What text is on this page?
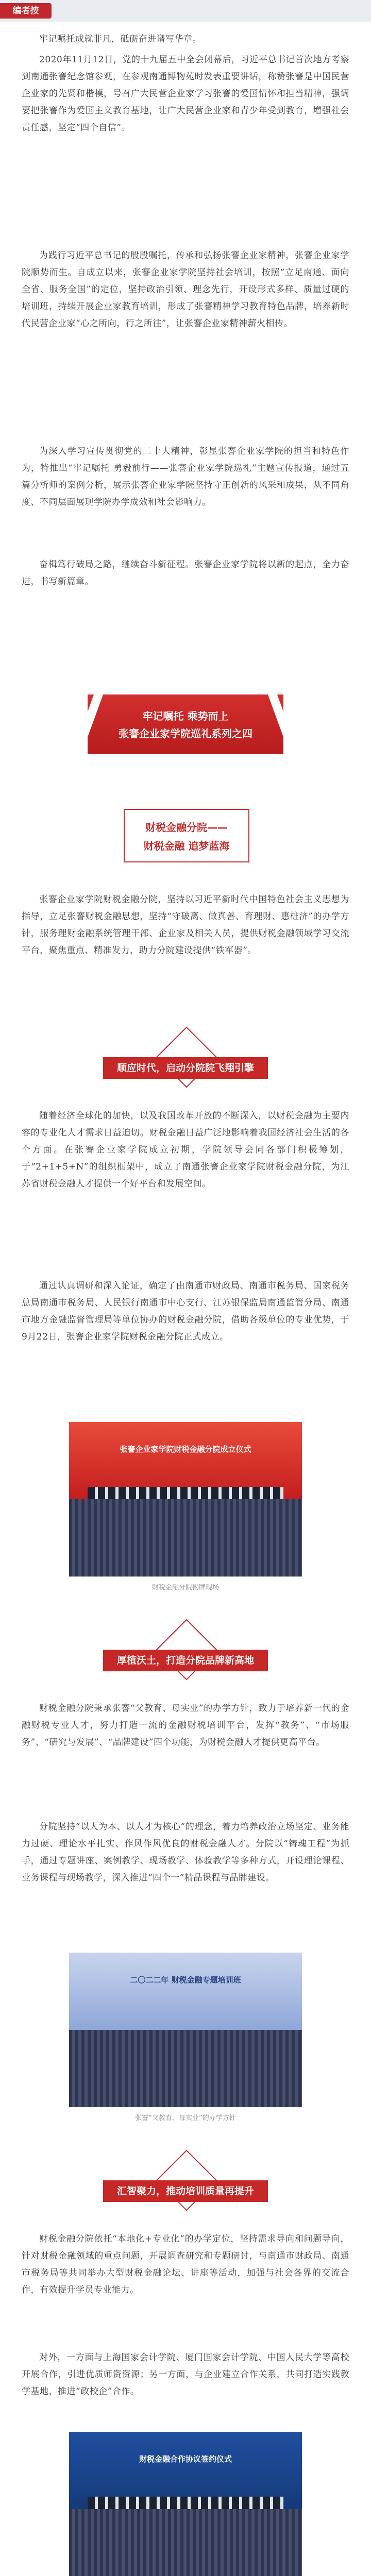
编者按

牢记嘱托成就非凡，砥砺奋进谱写华章。

2020年11月12日，党的十九届五中全会闭幕后，习近平总书记首次地方考察到南通张謇纪念馆参观，在参观南通博物苑时发表重要讲话，称赞张謇是中国民营企业家的先贤和楷模，号召广大民营企业家学习张謇的爱国情怀和担当精神，强调要把张謇作为爱国主义教育基地，让广大民营企业家和青少年受到教育，增强社会责任感，坚定“四个自信”。

为践行习近平总书记的殷殷嘱托，传承和弘扬张謇企业家精神，张謇企业家学院顺势而生。自成立以来，张謇企业家学院坚持社会培训，按照“立足南通、面向全省、服务全国”的定位，坚持政治引领、理念先行，开设形式多样、质量过硬的培训班，持续开展企业家教育培训，形成了张謇精神学习教育特色品牌，培养新时代民营企业家“心之所向，行之所往”，让张謇企业家精神薪火相传。

为深入学习宣传贯彻党的二十大精神，彰显张謇企业家学院的担当和特色作为，特推出“牢记嘱托 勇毅前行——张謇企业家学院巡礼”主题宣传报道，通过五篇分析师的案例分析，展示张謇企业家学院坚持守正创新的风采和成果，从不同角度、不同层面展现学院办学成效和社会影响力。

奋楫笃行破局之路，继续奋斗新征程。张謇企业家学院将以新的起点，全力奋进，书写新篇章。

牢记嘱托 乘势而上
张謇企业家学院巡礼系列之四
财税金融分院——
财税金融 追梦蓝海

张謇企业家学院财税金融分院，坚持以习近平新时代中国特色社会主义思想为指导，立足张謇财税金融思想，坚持“守破离、做真善、育理财、惠桩济”的办学方针，服务理财金融系统管理干部、企业家及相关人员，提供财税金融领域学习交流平台，聚焦重点、精准发力，助力分院建设提供“铁军器”。

顺应时代，启动分院院飞翔引擎

随着经济全球化的加快，以及我国改革开放的不断深入，以财税金融为主要内容的专业化人才需求日益迫切。财税金融日益广泛地影响着我国经济社会生活的各个方面。在张謇企业家学院成立初期，学院领导会同各部门积极筹划，于“2+1+5+N”的组织框架中，成立了南通张謇企业家学院财税金融分院，为江苏省财税金融人才提供一个好平台和发展空间。

通过认真调研和深入论证，确定了由南通市财政局、南通市税务局、国家税务总局南通市税务局、人民银行南通市中心支行、江苏银保监局南通监管分局、南通市地方金融监督管理局等单位协办的财税金融分院，借助各级单位的专业优势，于9月22日，张謇企业家学院财税金融分院正式成立。

张謇企业家学院财税金融分院成立仪式
财税金融分院揭牌现场
厚植沃土，打造分院品牌新高地

财税金融分院秉承张謇“父教育、母实业”的办学方针，致力于培养新一代的金融财税专业人才，努力打造一流的金融财税培训平台，发挥“教务”、“市场服务”、“研究与发展”、“品牌建设”四个功能，为财税金融人才提供更高平台。

分院坚持“以人为本、以人才为核心”的理念，着力培养政治立场坚定、业务能力过硬、理论水平扎实、作风作风优良的财税金融人才。分院以“铸魂工程”为抓手，通过专题讲座、案例教学、现场教学、体验教学等多种方式，开设理论课程、业务课程与现场教学，深入推进“四个一”精品课程与品牌建设。

二〇二二年 财税金融专题培训班
张謇“父教育、母实业”的办学方针
汇智聚力，推动培训质量再提升

财税金融分院依托“本地化+专业化”的办学定位，坚持需求导向和问题导向，针对财税金融领域的重点问题，开展调查研究和专题研讨，与南通市财政局、南通市税务局等共同举办大型财税金融论坛、讲座等活动，加强与社会各界的交流合作，有效提升学员专业能力。

对外，一方面与上海国家会计学院、厦门国家会计学院、中国人民大学等高校开展合作，引进优质师资资源；另一方面，与企业建立合作关系，共同打造实践教学基地，推进“政校企”合作。

财税金融合作协议签约仪式
